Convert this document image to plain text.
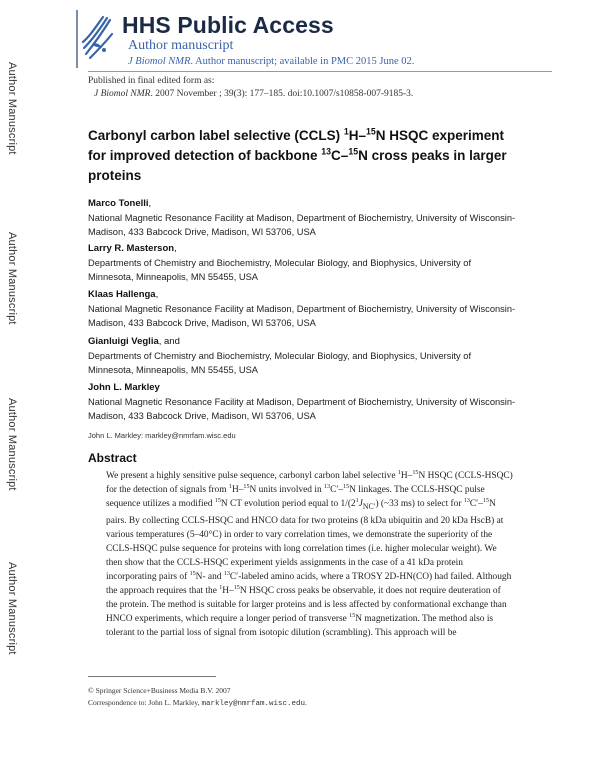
Author Manuscript
Author Manuscript
Author Manuscript
Author Manuscript
HHS Public Access
Author manuscript
J Biomol NMR. Author manuscript; available in PMC 2015 June 02.
Published in final edited form as:
J Biomol NMR. 2007 November ; 39(3): 177–185. doi:10.1007/s10858-007-9185-3.
Carbonyl carbon label selective (CCLS) $^1$H–$^{15}$N HSQC experiment for improved detection of backbone $^{13}$C–$^{15}$N cross peaks in larger proteins
Marco Tonelli,
National Magnetic Resonance Facility at Madison, Department of Biochemistry, University of Wisconsin-Madison, 433 Babcock Drive, Madison, WI 53706, USA
Larry R. Masterson,
Departments of Chemistry and Biochemistry, Molecular Biology, and Biophysics, University of Minnesota, Minneapolis, MN 55455, USA
Klaas Hallenga,
National Magnetic Resonance Facility at Madison, Department of Biochemistry, University of Wisconsin-Madison, 433 Babcock Drive, Madison, WI 53706, USA
Gianluigi Veglia, and
Departments of Chemistry and Biochemistry, Molecular Biology, and Biophysics, University of Minnesota, Minneapolis, MN 55455, USA
John L. Markley
National Magnetic Resonance Facility at Madison, Department of Biochemistry, University of Wisconsin-Madison, 433 Babcock Drive, Madison, WI 53706, USA
John L. Markley: markley@nmrfam.wisc.edu
Abstract
We present a highly sensitive pulse sequence, carbonyl carbon label selective $^1$H–$^{15}$N HSQC (CCLS-HSQC) for the detection of signals from $^1$H–$^{15}$N units involved in $^{13}$C′–$^{15}$N linkages. The CCLS-HSQC pulse sequence utilizes a modified $^{15}$N CT evolution period equal to $1/(2^1J_{NC'})$ (~33 ms) to select for $^{13}$C′–$^{15}$N pairs. By collecting CCLS-HSQC and HNCO data for two proteins (8 kDa ubiquitin and 20 kDa HscB) at various temperatures (5–40°C) in order to vary correlation times, we demonstrate the superiority of the CCLS-HSQC pulse sequence for proteins with long correlation times (i.e. higher molecular weight). We then show that the CCLS-HSQC experiment yields assignments in the case of a 41 kDa protein incorporating pairs of $^{15}$N- and $^{13}$C′-labeled amino acids, where a TROSY 2D-HN(CO) had failed. Although the approach requires that the $^1$H–$^{15}$N HSQC cross peaks be observable, it does not require deuteration of the protein. The method is suitable for larger proteins and is less affected by conformational exchange than HNCO experiments, which require a longer period of transverse $^{15}$N magnetization. The method also is tolerant to the partial loss of signal from isotopic dilution (scrambling). This approach will be
© Springer Science+Business Media B.V. 2007
Correspondence to: John L. Markley, markley@nmrfam.wisc.edu.
